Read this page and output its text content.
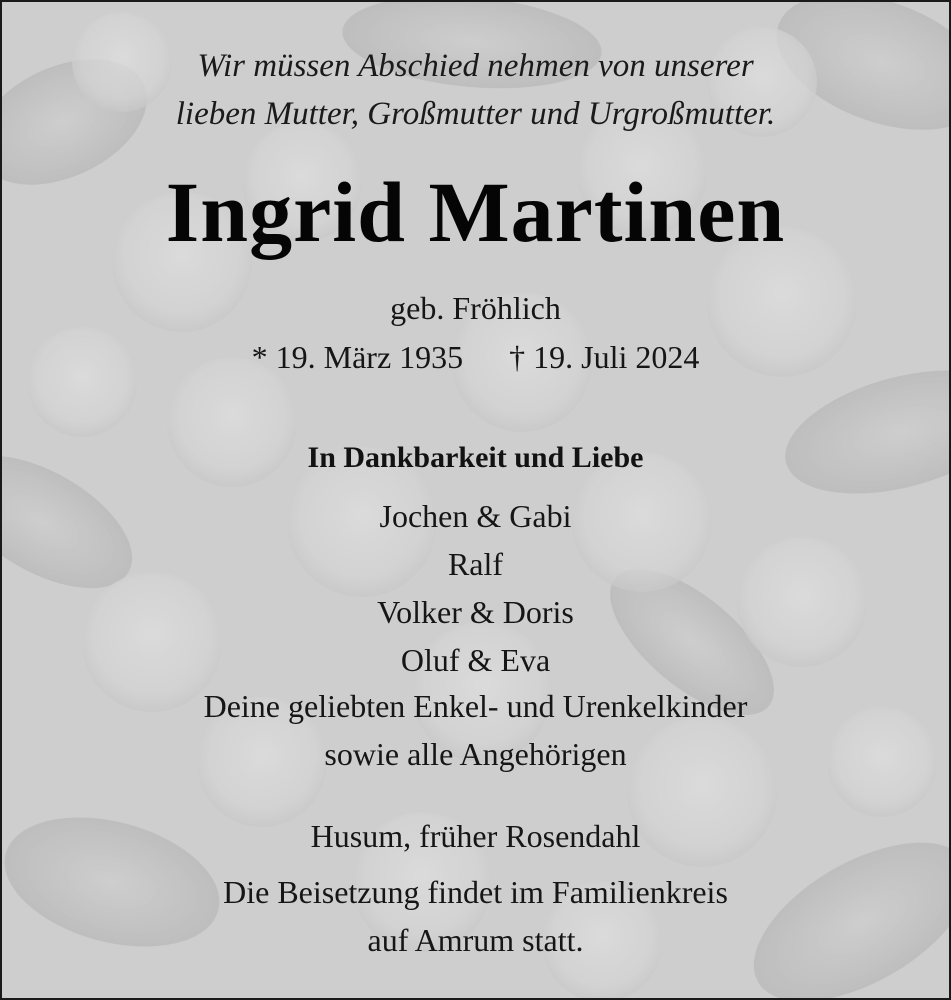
Wir müssen Abschied nehmen von unserer
lieben Mutter, Großmutter und Urgroßmutter.
Ingrid Martinen
geb. Fröhlich
* 19. März 1935 † 19. Juli 2024
In Dankbarkeit und Liebe
Jochen & Gabi
Ralf
Volker & Doris
Oluf & Eva
Deine geliebten Enkel- und Urenkelkinder
sowie alle Angehörigen
Husum, früher Rosendahl
Die Beisetzung findet im Familienkreis
auf Amrum statt.
